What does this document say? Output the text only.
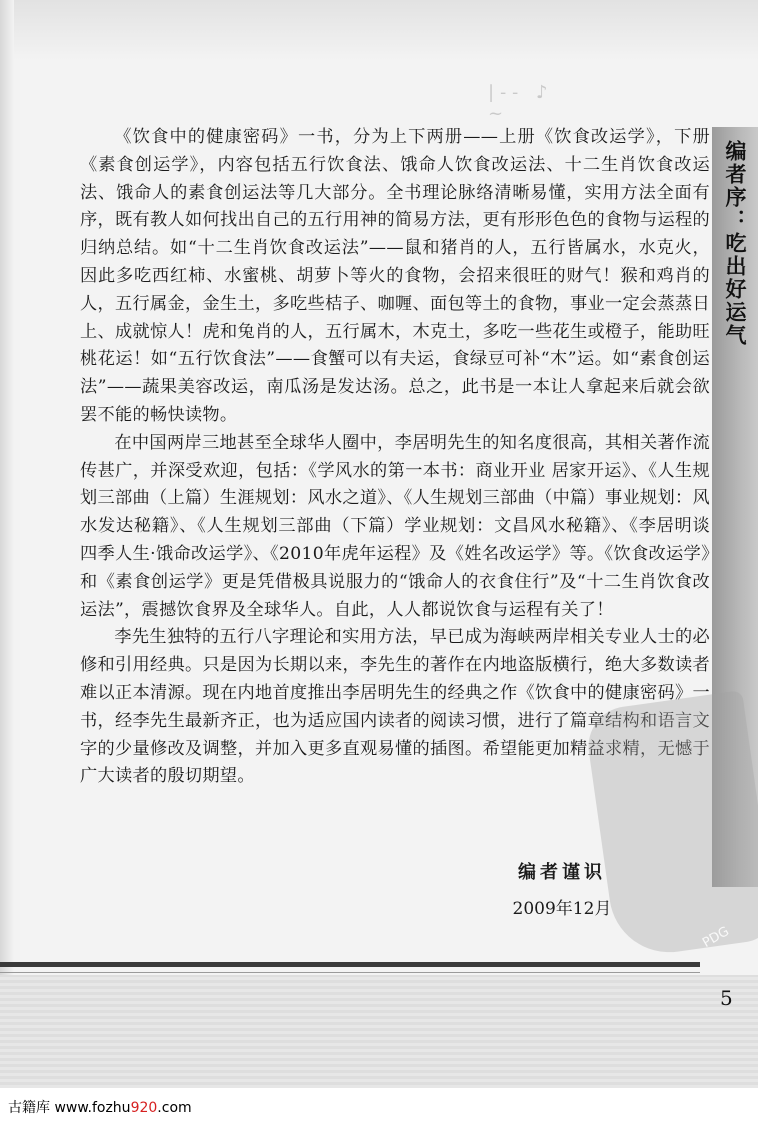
|-- ♪ ~
编者序：吃出好运气

《饮食中的健康密码》一书，分为上下两册——上册《饮食改运学》，下册《素食创运学》，内容包括五行饮食法、饿命人饮食改运法、十二生肖饮食改运法、饿命人的素食创运法等几大部分。全书理论脉络清晰易懂，实用方法全面有序，既有教人如何找出自己的五行用神的简易方法，更有形形色色的食物与运程的归纳总结。如“十二生肖饮食改运法”——鼠和猪肖的人，五行皆属水，水克火，因此多吃西红柿、水蜜桃、胡萝卜等火的食物，会招来很旺的财气！猴和鸡肖的人，五行属金，金生土，多吃些桔子、咖喱、面包等土的食物，事业一定会蒸蒸日上、成就惊人！虎和兔肖的人，五行属木，木克土，多吃一些花生或橙子，能助旺桃花运！如“五行饮食法”——食蟹可以有夫运，食绿豆可补“木”运。如“素食创运法”——蔬果美容改运，南瓜汤是发达汤。总之，此书是一本让人拿起来后就会欲罢不能的畅快读物。

在中国两岸三地甚至全球华人圈中，李居明先生的知名度很高，其相关著作流传甚广，并深受欢迎，包括：《学风水的第一本书：商业开业 居家开运》、《人生规划三部曲（上篇）生涯规划：风水之道》、《人生规划三部曲（中篇）事业规划：风水发达秘籍》、《人生规划三部曲（下篇）学业规划：文昌风水秘籍》、《李居明谈四季人生·饿命改运学》、《2010年虎年运程》及《姓名改运学》等。《饮食改运学》和《素食创运学》更是凭借极具说服力的“饿命人的衣食住行”及“十二生肖饮食改运法”，震撼饮食界及全球华人。自此，人人都说饮食与运程有关了！

李先生独特的五行八字理论和实用方法，早已成为海峡两岸相关专业人士的必修和引用经典。只是因为长期以来，李先生的著作在内地盗版横行，绝大多数读者难以正本清源。现在内地首度推出李居明先生的经典之作《饮食中的健康密码》一书，经李先生最新齐正，也为适应国内读者的阅读习惯，进行了篇章结构和语言文字的少量修改及调整，并加入更多直观易懂的插图。希望能更加精益求精，无憾于广大读者的殷切期望。

编者谨识
2009年12月
PDG
5
古籍库 www.fozhu920.com
